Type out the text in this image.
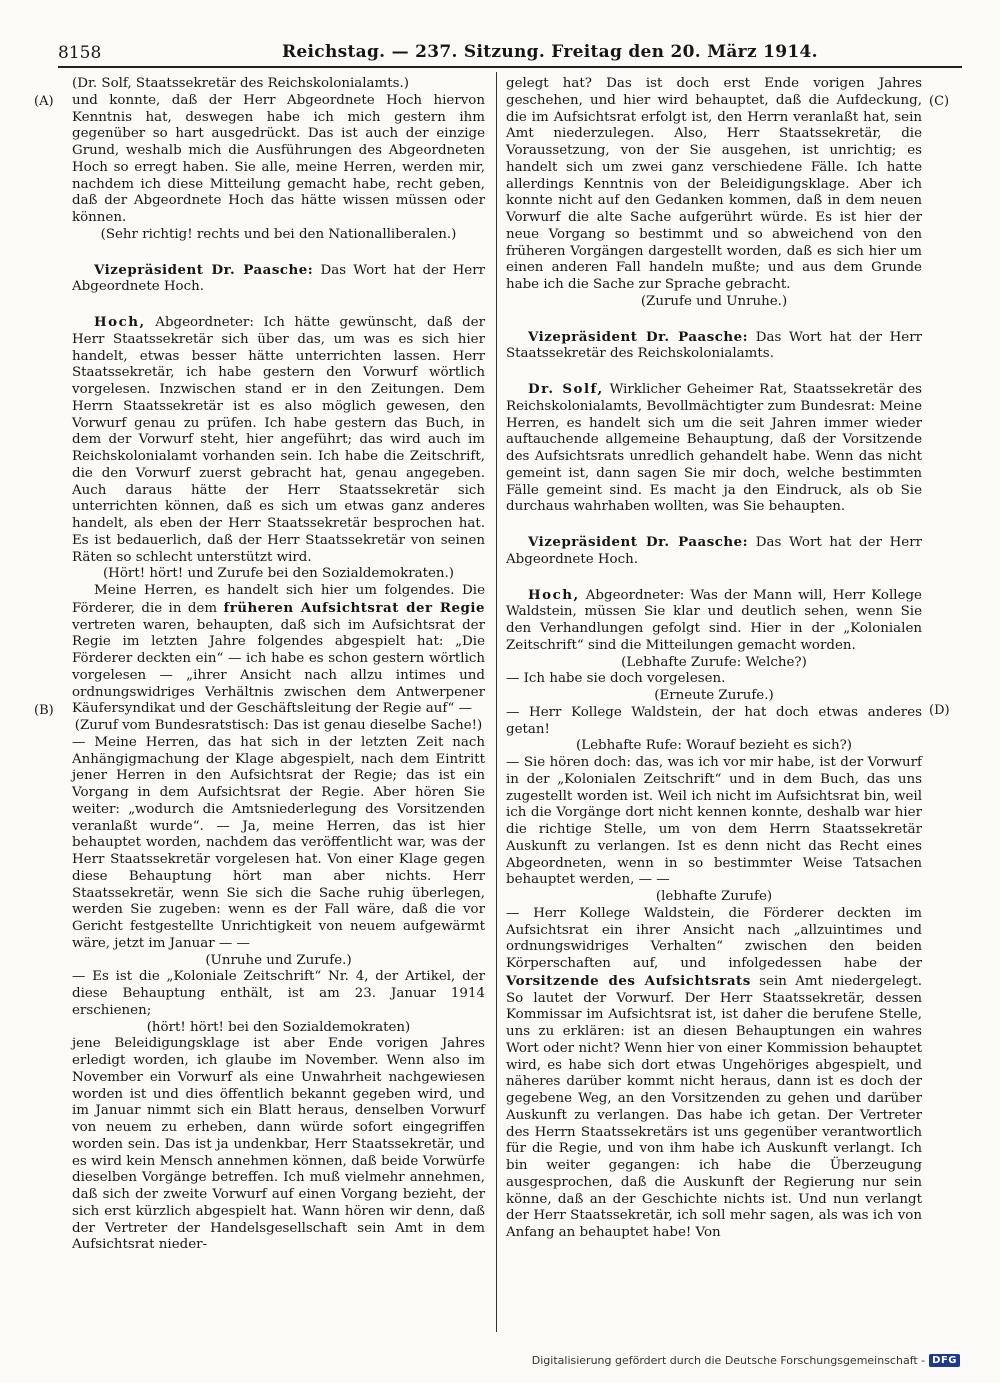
8158	Reichstag. — 237. Sitzung. Freitag den 20. März 1914.
(A)
(B)
(C)
(D)

(Dr. Solf, Staatssekretär des Reichskolonialamts.)

und konnte, daß der Herr Abgeordnete Hoch hiervon Kenntnis hat, deswegen habe ich mich gestern ihm gegenüber so hart ausgedrückt. Das ist auch der einzige Grund, weshalb mich die Ausführungen des Abgeordneten Hoch so erregt haben. Sie alle, meine Herren, werden mir, nachdem ich diese Mitteilung gemacht habe, recht geben, daß der Abgeordnete Hoch das hätte wissen müssen oder können.

(Sehr richtig! rechts und bei den Nationalliberalen.)

Vizepräsident Dr. Paasche: Das Wort hat der Herr Abgeordnete Hoch.

Hoch, Abgeordneter: Ich hätte gewünscht, daß der Herr Staatssekretär sich über das, um was es sich hier handelt, etwas besser hätte unterrichten lassen. Herr Staatssekretär, ich habe gestern den Vorwurf wörtlich vorgelesen. Inzwischen stand er in den Zeitungen. Dem Herrn Staatssekretär ist es also möglich gewesen, den Vorwurf genau zu prüfen. Ich habe gestern das Buch, in dem der Vorwurf steht, hier angeführt; das wird auch im Reichskolonialamt vorhanden sein. Ich habe die Zeitschrift, die den Vorwurf zuerst gebracht hat, genau angegeben. Auch daraus hätte der Herr Staatssekretär sich unterrichten können, daß es sich um etwas ganz anderes handelt, als eben der Herr Staatssekretär besprochen hat. Es ist bedauerlich, daß der Herr Staatssekretär von seinen Räten so schlecht unterstützt wird.

(Hört! hört! und Zurufe bei den Sozialdemokraten.)

Meine Herren, es handelt sich hier um folgendes. Die Förderer, die in dem früheren Aufsichtsrat der Regie vertreten waren, behaupten, daß sich im Aufsichtsrat der Regie im letzten Jahre folgendes abgespielt hat: „Die Förderer deckten ein“ — ich habe es schon gestern wörtlich vorgelesen — „ihrer Ansicht nach allzu intimes und ordnungswidriges Verhältnis zwischen dem Antwerpener Käufersyndikat und der Geschäftsleitung der Regie auf“ —

(Zuruf vom Bundesratstisch: Das ist genau dieselbe Sache!)

— Meine Herren, das hat sich in der letzten Zeit nach Anhängigmachung der Klage abgespielt, nach dem Eintritt jener Herren in den Aufsichtsrat der Regie; das ist ein Vorgang in dem Aufsichtsrat der Regie. Aber hören Sie weiter: „wodurch die Amtsniederlegung des Vorsitzenden veranlaßt wurde“. — Ja, meine Herren, das ist hier behauptet worden, nachdem das veröffentlicht war, was der Herr Staatssekretär vorgelesen hat. Von einer Klage gegen diese Behauptung hört man aber nichts. Herr Staatssekretär, wenn Sie sich die Sache ruhig überlegen, werden Sie zugeben: wenn es der Fall wäre, daß die vor Gericht festgestellte Unrichtigkeit von neuem aufgewärmt wäre, jetzt im Januar — —

(Unruhe und Zurufe.)

— Es ist die „Koloniale Zeitschrift“ Nr. 4, der Artikel, der diese Behauptung enthält, ist am 23. Januar 1914 erschienen;

(hört! hört! bei den Sozialdemokraten)

jene Beleidigungsklage ist aber Ende vorigen Jahres erledigt worden, ich glaube im November. Wenn also im November ein Vorwurf als eine Unwahrheit nachgewiesen worden ist und dies öffentlich bekannt gegeben wird, und im Januar nimmt sich ein Blatt heraus, denselben Vorwurf von neuem zu erheben, dann würde sofort eingegriffen worden sein. Das ist ja undenkbar, Herr Staatssekretär, und es wird kein Mensch annehmen können, daß beide Vorwürfe dieselben Vorgänge betreffen. Ich muß vielmehr annehmen, daß sich der zweite Vorwurf auf einen Vorgang bezieht, der sich erst kürzlich abgespielt hat. Wann hören wir denn, daß der Vertreter der Handelsgesellschaft sein Amt in dem Aufsichtsrat nieder-

gelegt hat? Das ist doch erst Ende vorigen Jahres geschehen, und hier wird behauptet, daß die Aufdeckung, die im Aufsichtsrat erfolgt ist, den Herrn veranlaßt hat, sein Amt niederzulegen. Also, Herr Staatssekretär, die Voraussetzung, von der Sie ausgehen, ist unrichtig; es handelt sich um zwei ganz verschiedene Fälle. Ich hatte allerdings Kenntnis von der Beleidigungsklage. Aber ich konnte nicht auf den Gedanken kommen, daß in dem neuen Vorwurf die alte Sache aufgerührt würde. Es ist hier der neue Vorgang so bestimmt und so abweichend von den früheren Vorgängen dargestellt worden, daß es sich hier um einen anderen Fall handeln mußte; und aus dem Grunde habe ich die Sache zur Sprache gebracht.

(Zurufe und Unruhe.)

Vizepräsident Dr. Paasche: Das Wort hat der Herr Staatssekretär des Reichskolonialamts.

Dr. Solf, Wirklicher Geheimer Rat, Staatssekretär des Reichskolonialamts, Bevollmächtigter zum Bundesrat: Meine Herren, es handelt sich um die seit Jahren immer wieder auftauchende allgemeine Behauptung, daß der Vorsitzende des Aufsichtsrats unredlich gehandelt habe. Wenn das nicht gemeint ist, dann sagen Sie mir doch, welche bestimmten Fälle gemeint sind. Es macht ja den Eindruck, als ob Sie durchaus wahrhaben wollten, was Sie behaupten.

Vizepräsident Dr. Paasche: Das Wort hat der Herr Abgeordnete Hoch.

Hoch, Abgeordneter: Was der Mann will, Herr Kollege Waldstein, müssen Sie klar und deutlich sehen, wenn Sie den Verhandlungen gefolgt sind. Hier in der „Kolonialen Zeitschrift“ sind die Mitteilungen gemacht worden.

(Lebhafte Zurufe: Welche?)

— Ich habe sie doch vorgelesen.

(Erneute Zurufe.)

— Herr Kollege Waldstein, der hat doch etwas anderes getan!

(Lebhafte Rufe: Worauf bezieht es sich?)

— Sie hören doch: das, was ich vor mir habe, ist der Vorwurf in der „Kolonialen Zeitschrift“ und in dem Buch, das uns zugestellt worden ist. Weil ich nicht im Aufsichtsrat bin, weil ich die Vorgänge dort nicht kennen konnte, deshalb war hier die richtige Stelle, um von dem Herrn Staatssekretär Auskunft zu verlangen. Ist es denn nicht das Recht eines Abgeordneten, wenn in so bestimmter Weise Tatsachen behauptet werden, — —

(lebhafte Zurufe)

— Herr Kollege Waldstein, die Förderer deckten im Aufsichtsrat ein ihrer Ansicht nach „allzuintimes und ordnungswidriges Verhalten“ zwischen den beiden Körperschaften auf, und infolgedessen habe der Vorsitzende des Aufsichtsrats sein Amt niedergelegt. So lautet der Vorwurf. Der Herr Staatssekretär, dessen Kommissar im Aufsichtsrat ist, ist daher die berufene Stelle, uns zu erklären: ist an diesen Behauptungen ein wahres Wort oder nicht? Wenn hier von einer Kommission behauptet wird, es habe sich dort etwas Ungehöriges abgespielt, und näheres darüber kommt nicht heraus, dann ist es doch der gegebene Weg, an den Vorsitzenden zu gehen und darüber Auskunft zu verlangen. Das habe ich getan. Der Vertreter des Herrn Staatssekretärs ist uns gegenüber verantwortlich für die Regie, und von ihm habe ich Auskunft verlangt. Ich bin weiter gegangen: ich habe die Überzeugung ausgesprochen, daß die Auskunft der Regierung nur sein könne, daß an der Geschichte nichts ist. Und nun verlangt der Herr Staatssekretär, ich soll mehr sagen, als was ich von Anfang an behauptet habe! Von

Digitalisierung gefördert durch die Deutsche Forschungsgemeinschaft - DFG
